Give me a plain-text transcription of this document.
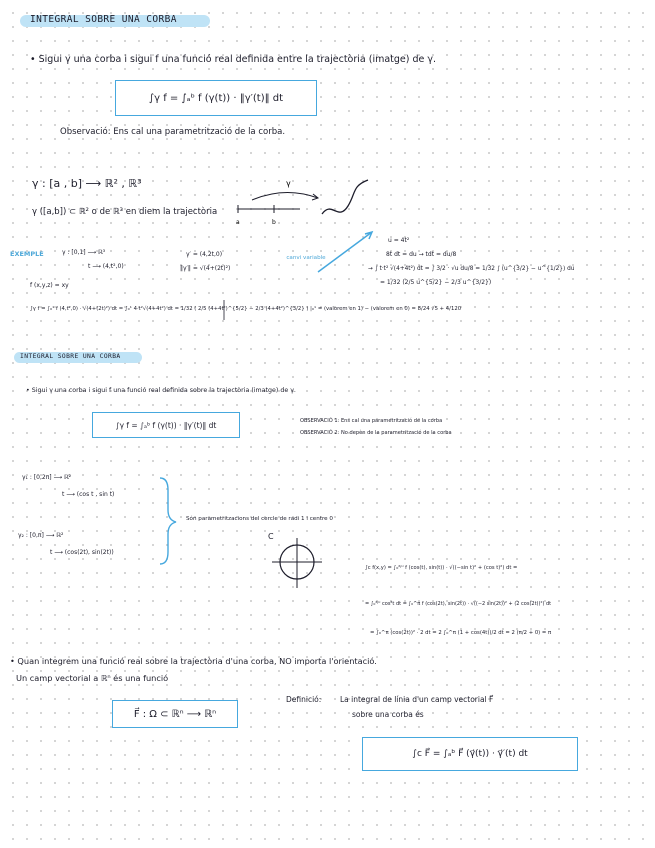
INTEGRAL SOBRE UNA CORBA
• Sigui γ una corba i sigui f una funció real definida entre la trajectòria (imatge) de γ.
∫γ f = ∫ₐᵇ f (γ(t)) · ‖γ′(t)‖ dt
Observació: Ens cal una parametrització de la corba.
γ : [a , b] ⟶ ℝ² , ℝ³
γ ([a,b]) ⊂ ℝ² o de ℝ³ en diem la trajectòria
EXEMPLE	γ : [0,1] ⟶ ℝ³
t ⟶ (4,t²,0)
γ′ = (4,2t,0)
‖γ′‖ = √(4+(2t)²)
canvi variable
f (x,y,z) = xy
u = 4t²
8t dt = du → tdt = du/8
→ ∫ t·t² √(4+4t²) dt = ∫ 3/2 · √u du/8 = 1/32 ∫ (u^{3/2} − u^{1/2}) du
= 1/32 (2/5 u^{5/2} − 2/3 u^{3/2})
∫γ f = ∫₀¹ f (4,t²,0) · √(4+(2t)²) dt = ∫₀¹ 4·t²√(4+4t²) dt = 1/32 ( 2/5 (4+4t²)^{5/2} − 2/3 (4+4t²)^{3/2} ) |₀¹ = (valorem en 1) − (valorem en 0) = 8/24 √5 + 4/120
INTEGRAL SOBRE UNA CORBA
• Sigui γ una corba i sigui f una funció real definida sobre la trajectòria (imatge) de γ.
∫γ f = ∫ₐᵇ f (γ(t)) · ‖γ′(t)‖ dt	OBSERVACIÓ 1: Ens cal una parametrització de la corba
OBSERVACIÓ 2: No depèn de la parametrització de la corba
γ₁ : [0,2π] ⟶ ℝ²
t ⟶ (cos t , sin t)
γ₂ : [0,π] ⟶ ℝ²
t ⟶ (cos(2t), sin(2t))
Són parametritzacions del cercle de radi 1 i centre 0
C
∫c f(x,y) = ∫₀²ᵖⁱ f (cos(t), sin(t)) · √((−sin t)² + (cos t)²) dt =
= ∫₀²ᵖⁱ cos²t dt = ∫₀^π f (cos(2t), sin(2t)) · √((−2 sin(2t))² + (2 cos(2t))²) dt
= ∫₀^π (cos(2t))² · 2 dt = 2 ∫₀^π (1 + cos(4t))/2 dt = 2 (π/2 + 0) = π
• Quan integrem una funció real sobre la trajectòria d'una corba, NO importa l'orientació.
Un camp vectorial a ℝⁿ és una funció
F⃗ : Ω ⊂ ℝⁿ ⟶ ℝⁿ
Definició: La integral de línia d'un camp vectorial F⃗
sobre una corba és
∫c F⃗ = ∫ₐᵇ F⃗ (γ⃗(t)) · γ⃗′(t) dt
a	b
γ
